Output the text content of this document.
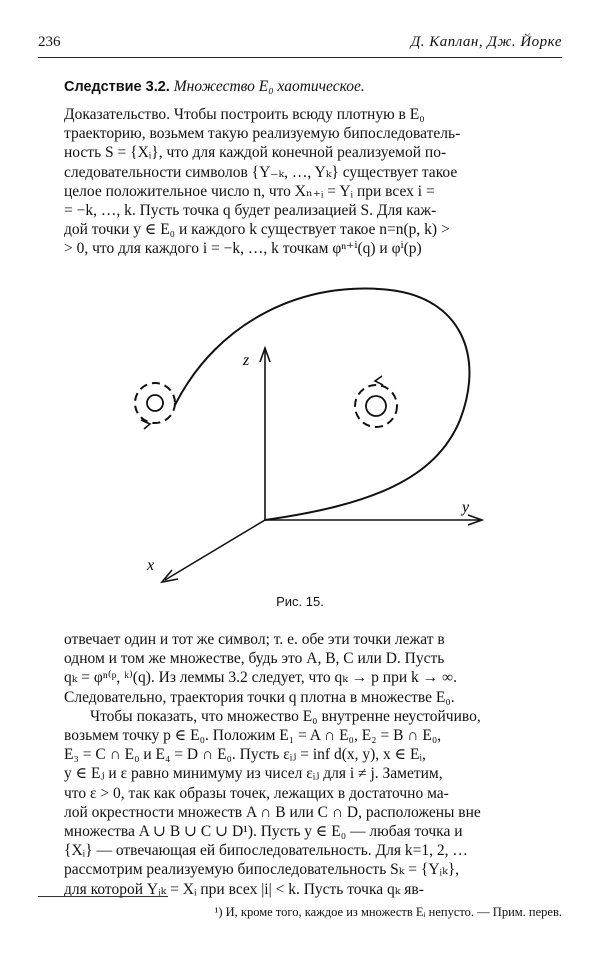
236	Д. Каплан, Дж. Йорке
Следствие 3.2. Множество E₀ хаотическое.
Доказательство. Чтобы построить всюду плотную в E₀
траекторию, возьмем такую реализуемую бипоследователь-
ность S = {Xᵢ}, что для каждой конечной реализуемой по-
следовательности символов {Y₋ₖ, …, Yₖ} существует такое
целое положительное число n, что Xₙ₊ᵢ = Yᵢ при всех i =
= −k, …, k. Пусть точка q будет реализацией S. Для каж-
дой точки y ∈ E₀ и каждого k существует такое n=n(p, k) >
> 0, что для каждого i = −k, …, k точкам φⁿ⁺ⁱ(q) и φⁱ(p)
z
y
x
Рис. 15.
отвечает один и тот же символ; т. е. обе эти точки лежат в
одном и том же множестве, будь это A, B, C или D. Пусть
qₖ = φⁿ⁽ᵖ, ᵏ⁾(q). Из леммы 3.2 следует, что qₖ → p при k → ∞.
Следовательно, траектория точки q плотна в множестве E₀.
Чтобы показать, что множество E₀ внутренне неустойчиво,
возьмем точку p ∈ E₀. Положим E₁ = A ∩ E₀, E₂ = B ∩ E₀,
E₃ = C ∩ E₀ и E₄ = D ∩ E₀. Пусть εᵢⱼ = inf d(x, y), x ∈ Eᵢ,
y ∈ Eⱼ и ε равно минимуму из чисел εᵢⱼ для i ≠ j. Заметим,
что ε > 0, так как образы точек, лежащих в достаточно ма-
лой окрестности множеств A ∩ B или C ∩ D, расположены вне
множества A ∪ B ∪ C ∪ D¹). Пусть y ∈ E₀ — любая точка и
{Xᵢ} — отвечающая ей бипоследовательность. Для k=1, 2, …
рассмотрим реализуемую бипоследовательность Sₖ = {Yᵢₖ},
для которой Yᵢₖ = Xᵢ при всех |i| < k. Пусть точка qₖ яв-
¹) И, кроме того, каждое из множеств Eᵢ непусто. — Прим. перев.
